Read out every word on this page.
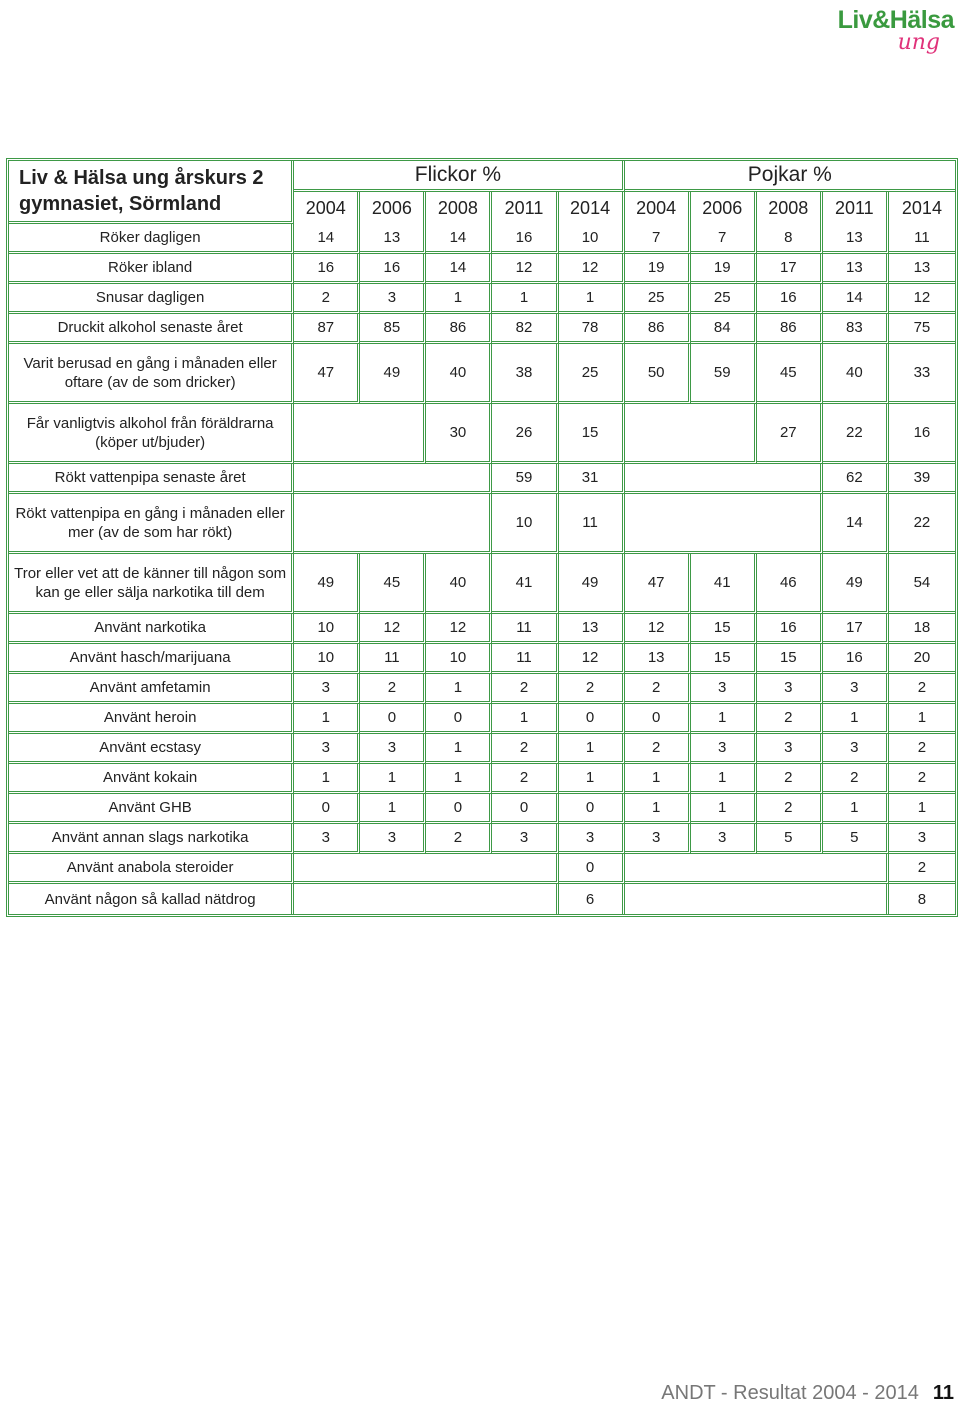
Liv&Hälsa
ung
Liv & Hälsa ung årskurs 2 gymnasiet, Sörmland	Flickor %					Pojkar %				
	2004	2006	2008	2011	2014	2004	2006	2008	2011	2014
Röker dagligen	14	13	14	16	10	7	7	8	13	11
Röker ibland	16	16	14	12	12	19	19	17	13	13
Snusar dagligen	2	3	1	1	1	25	25	16	14	12
Druckit alkohol senaste året	87	85	86	82	78	86	84	86	83	75
Varit berusad en gång i månaden eller oftare (av de som dricker)	47	49	40	38	25	50	59	45	40	33
Får vanligtvis alkohol från föräldrarna (köper ut/bjuder)			30	26	15			27	22	16
Rökt vattenpipa senaste året				59	31				62	39
Rökt vattenpipa en gång i månaden eller mer (av de som har rökt)				10	11				14	22
Tror eller vet att de känner till någon som kan ge eller sälja narkotika till dem	49	45	40	41	49	47	41	46	49	54
Använt narkotika	10	12	12	11	13	12	15	16	17	18
Använt hasch/marijuana	10	11	10	11	12	13	15	15	16	20
Använt amfetamin	3	2	1	2	2	2	3	3	3	2
Använt heroin	1	0	0	1	0	0	1	2	1	1
Använt ecstasy	3	3	1	2	1	2	3	3	3	2
Använt kokain	1	1	1	2	1	1	1	2	2	2
Använt GHB	0	1	0	0	0	1	1	2	1	1
Använt annan slags narkotika	3	3	2	3	3	3	3	5	5	3
Använt anabola steroider					0					2
Använt någon så kallad nätdrog					6					8
ANDT - Resultat 2004 - 2014 11
